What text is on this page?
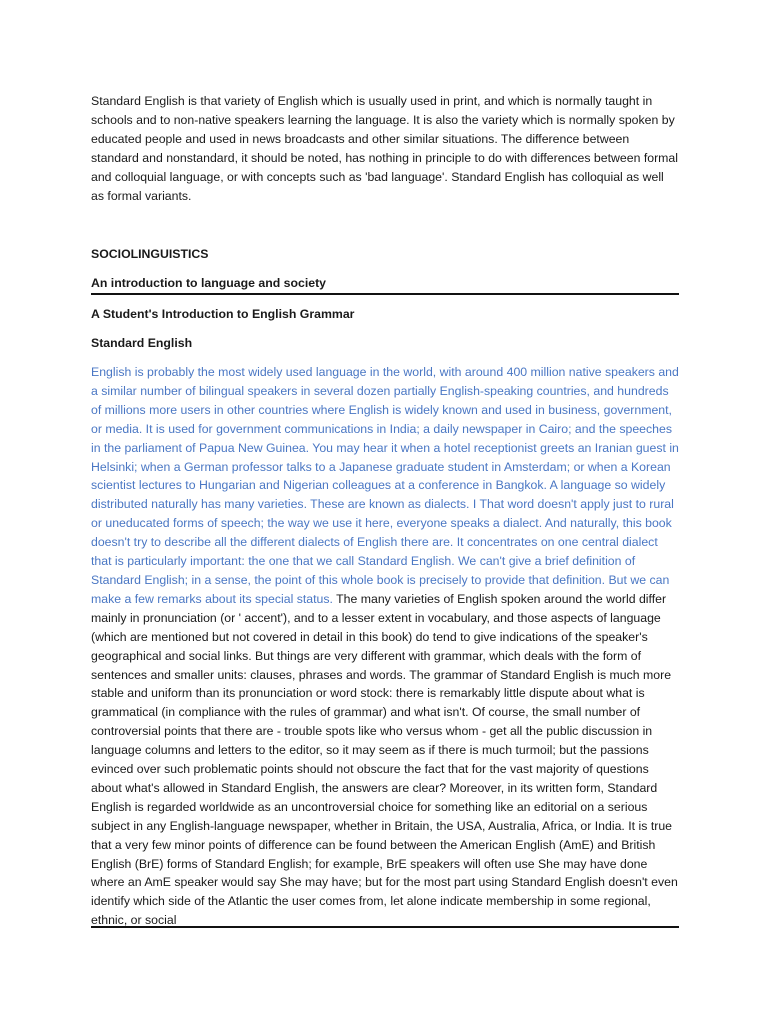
Standard English is that variety of English which is usually used in print, and which is normally taught in schools and to non-native speakers learning the language. It is also the variety which is normally spoken by educated people and used in news broadcasts and other similar situations. The difference between standard and nonstandard, it should be noted, has nothing in principle to do with differences between formal and colloquial language, or with concepts such as 'bad language'. Standard English has colloquial as well as formal variants.

SOCIOLINGUISTICS
An introduction to language and society
A Student's Introduction to English Grammar
Standard English

English is probably the most widely used language in the world, with around 400 million native speakers and a similar number of bilingual speakers in several dozen partially English-speaking countries, and hundreds of millions more users in other countries where English is widely known and used in business, government, or media. It is used for government communications in India; a daily newspaper in Cairo; and the speeches in the parliament of Papua New Guinea. You may hear it when a hotel receptionist greets an Iranian guest in Helsinki; when a German professor talks to a Japanese graduate student in Amsterdam; or when a Korean scientist lectures to Hungarian and Nigerian colleagues at a conference in Bangkok. A language so widely distributed naturally has many varieties. These are known as dialects. I That word doesn't apply just to rural or uneducated forms of speech; the way we use it here, everyone speaks a dialect. And naturally, this book doesn't try to describe all the different dialects of English there are. It concentrates on one central dialect that is particularly important: the one that we call Standard English. We can't give a brief definition of Standard English; in a sense, the point of this whole book is precisely to provide that definition. But we can make a few remarks about its special status. The many varieties of English spoken around the world differ mainly in pronunciation (or ' accent'), and to a lesser extent in vocabulary, and those aspects of language (which are mentioned but not covered in detail in this book) do tend to give indications of the speaker's geographical and social links. But things are very different with grammar, which deals with the form of sentences and smaller units: clauses, phrases and words. The grammar of Standard English is much more stable and uniform than its pronunciation or word stock: there is remarkably little dispute about what is grammatical (in compliance with the rules of grammar) and what isn't. Of course, the small number of controversial points that there are - trouble spots like who versus whom - get all the public discussion in language columns and letters to the editor, so it may seem as if there is much turmoil; but the passions evinced over such problematic points should not obscure the fact that for the vast majority of questions about what's allowed in Standard English, the answers are clear? Moreover, in its written form, Standard English is regarded worldwide as an uncontroversial choice for something like an editorial on a serious subject in any English-language newspaper, whether in Britain, the USA, Australia, Africa, or India. It is true that a very few minor points of difference can be found between the American English (AmE) and British English (BrE) forms of Standard English; for example, BrE speakers will often use She may have done where an AmE speaker would say She may have; but for the most part using Standard English doesn't even identify which side of the Atlantic the user comes from, let alone indicate membership in some regional, ethnic, or social
